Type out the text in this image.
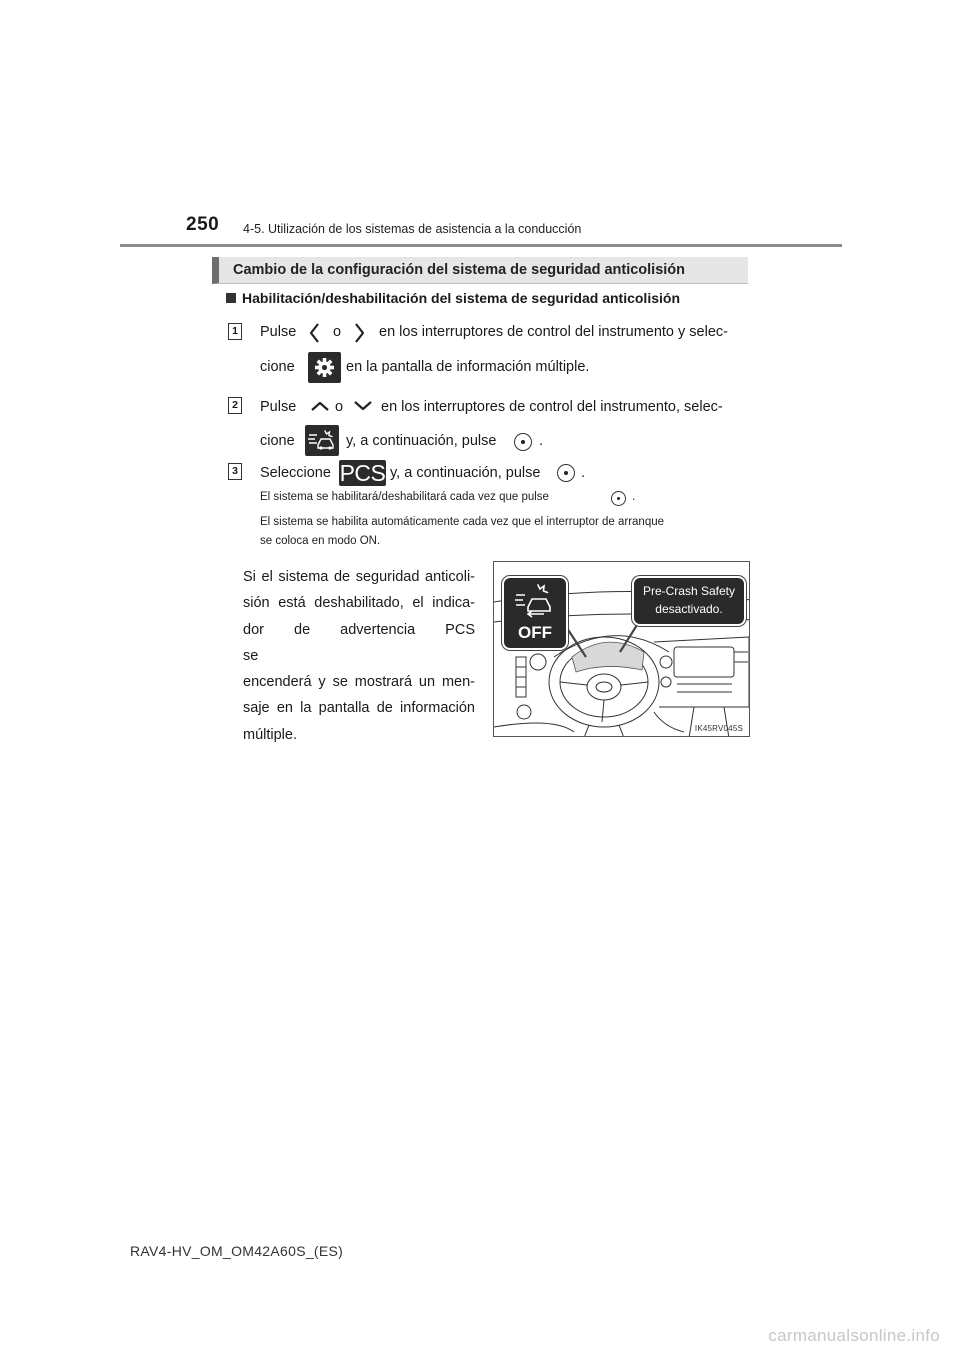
250 4-5. Utilización de los sistemas de asistencia a la conducción
Cambio de la configuración del sistema de seguridad anticolisión
Habilitación/deshabilitación del sistema de seguridad anticolisión
1 Pulse	o	en los interruptores de control del instrumento y selec-
cione	en la pantalla de información múltiple.
2 Pulse	o	en los interruptores de control del instrumento, selec-
cione	y, a continuación, pulse	.
3 Seleccione PCS y, a continuación, pulse	.
El sistema se habilitará/deshabilitará cada vez que pulse	.
El sistema se habilita automáticamente cada vez que el interruptor de arranque
se coloca en modo ON.
Si el sistema de seguridad anticoli-
sión está deshabilitado, el indica-
dor de advertencia PCS se
encenderá y se mostrará un men-
saje en la pantalla de información
múltiple.
OFF
Pre-Crash Safety
desactivado.
IK45RV045S
RAV4-HV_OM_OM42A60S_(ES)
carmanualsonline.info
